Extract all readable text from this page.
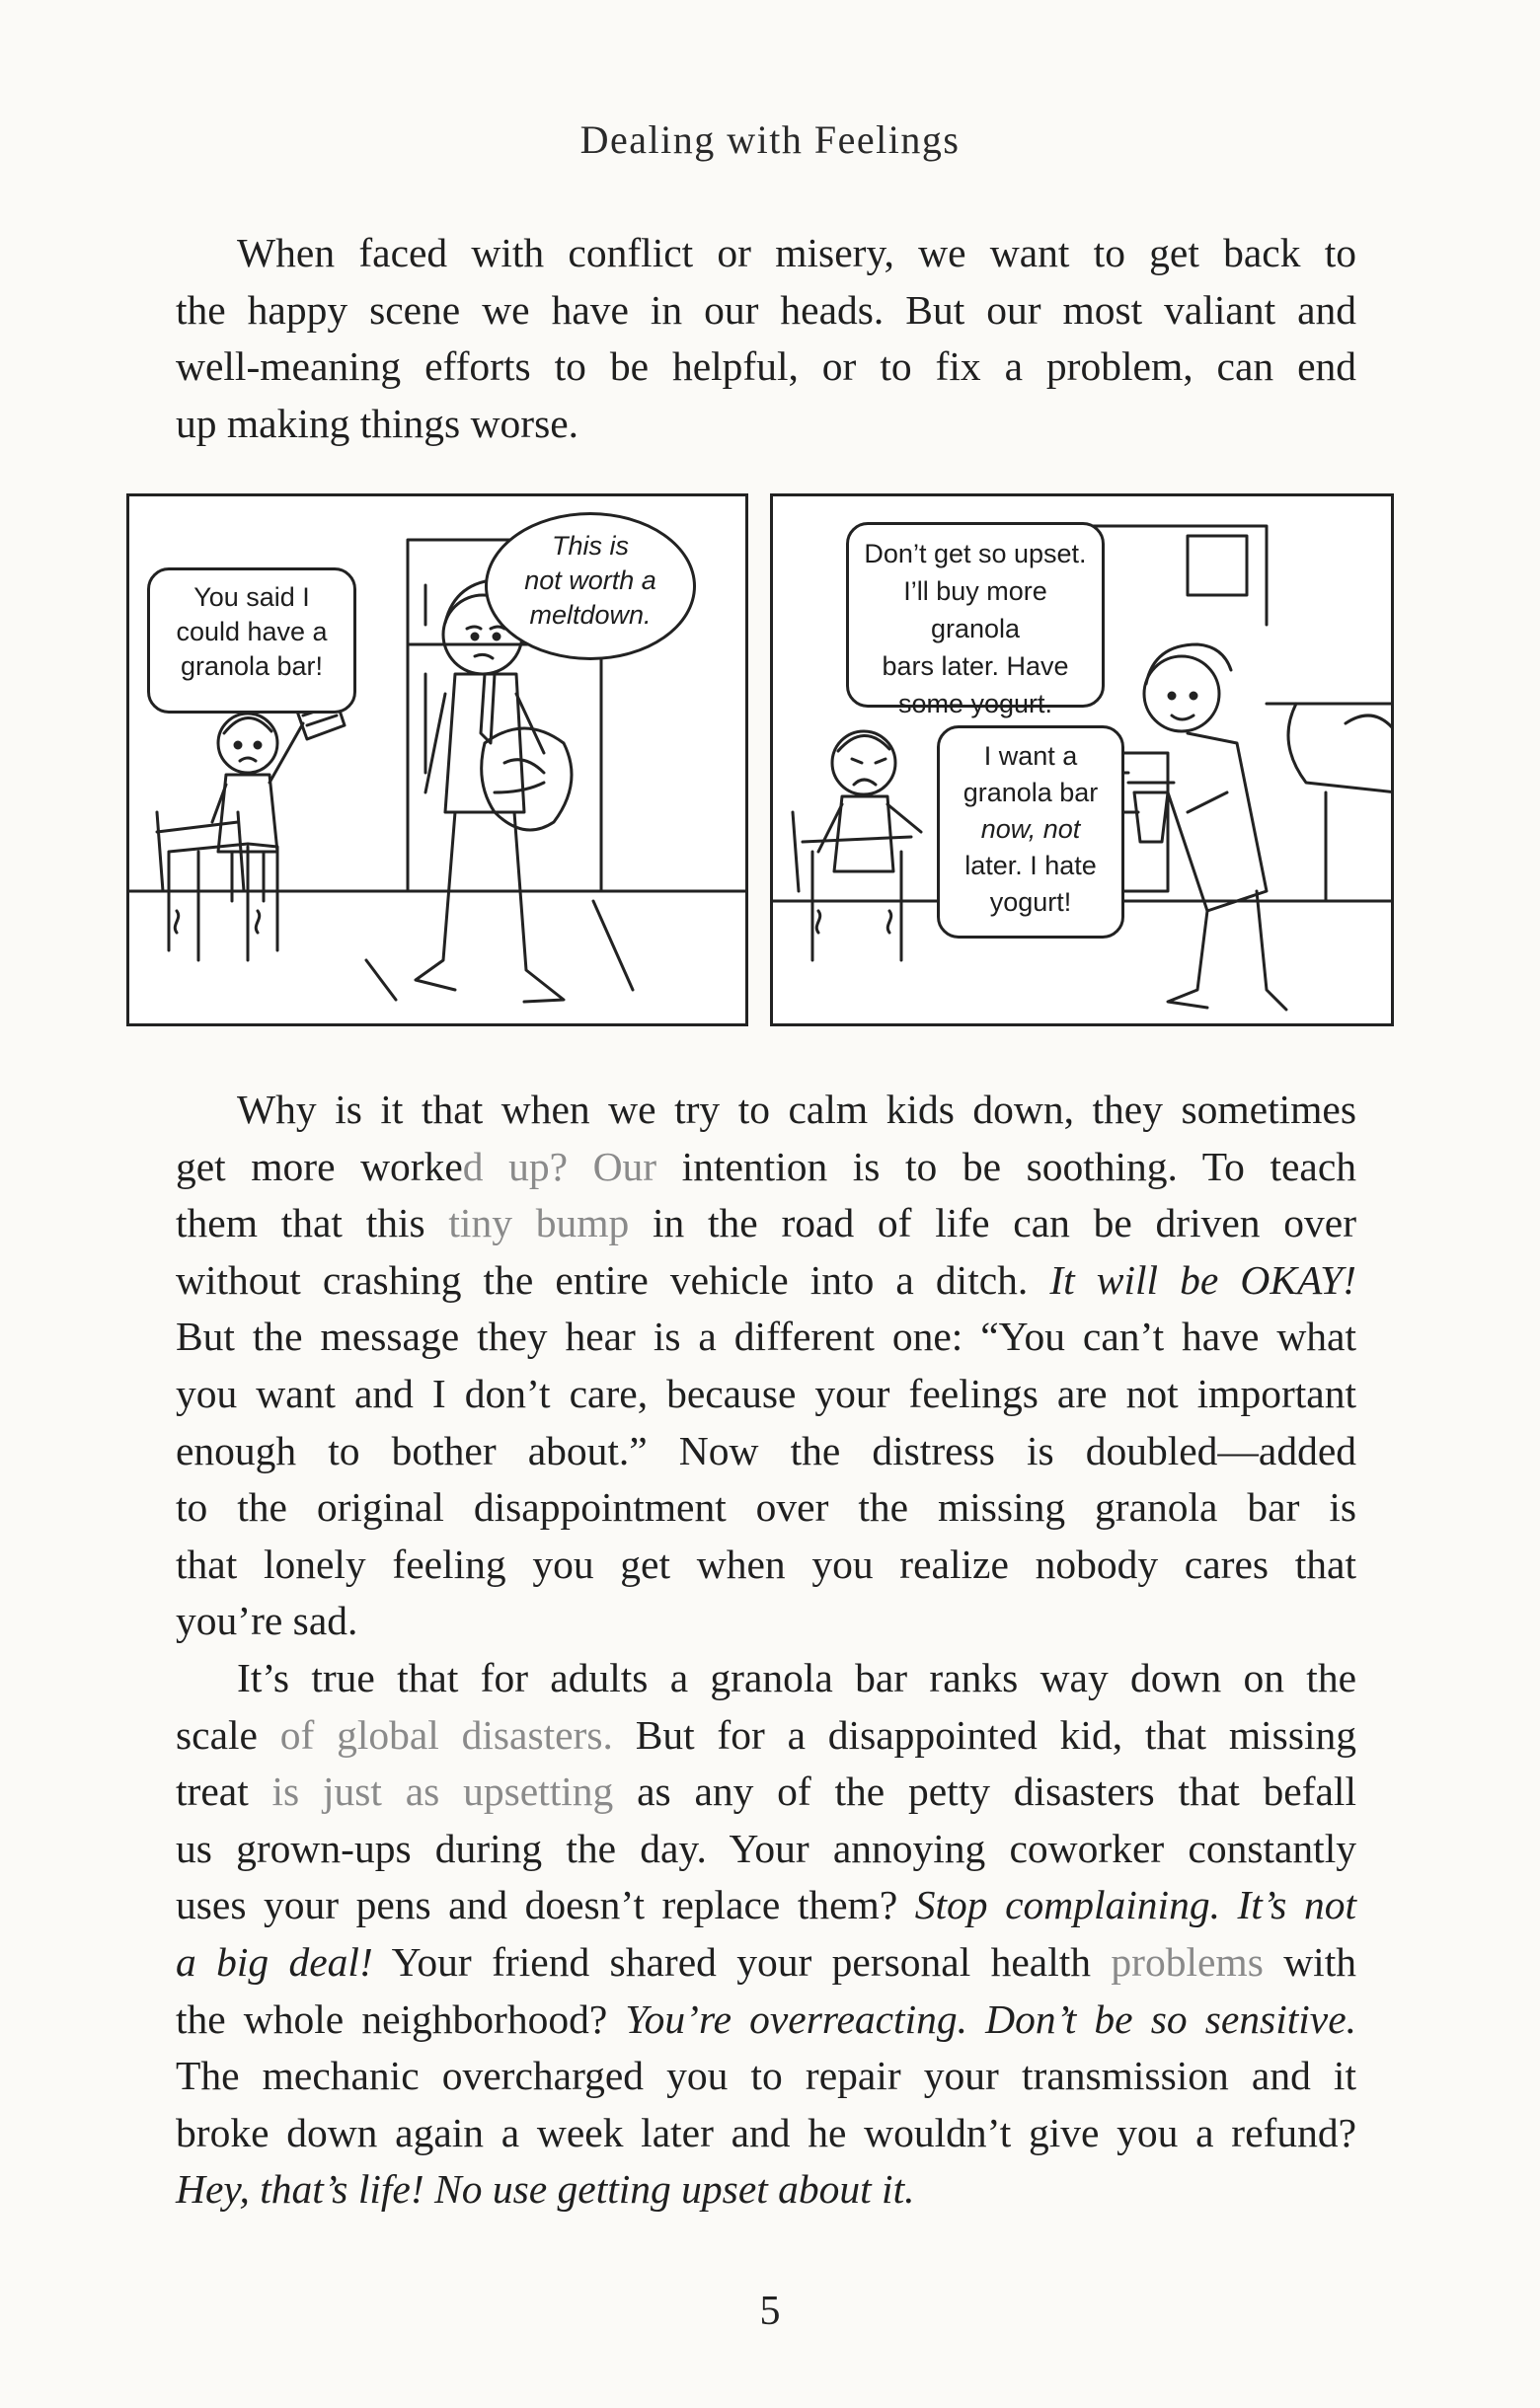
Dealing with Feelings

When faced with conflict or misery, we want to get back to
the happy scene we have in our heads. But our most valiant and
well-meaning efforts to be helpful, or to fix a problem, can end
up making things worse.

You said I
could have a
granola bar!
This is
not worth a
meltdown.
Don’t get so upset.
I’ll buy more granola
bars later. Have
some yogurt.
I want a
granola bar
now, not
later. I hate
yogurt!

Why is it that when we try to calm kids down, they sometimes
get more worked up? Our intention is to be soothing. To teach
them that this tiny bump in the road of life can be driven over
without crashing the entire vehicle into a ditch. It will be OKAY!
But the message they hear is a different one: “You can’t have what
you want and I don’t care, because your feelings are not important
enough to bother about.” Now the distress is doubled—added
to the original disappointment over the missing granola bar is
that lonely feeling you get when you realize nobody cares that
you’re sad.

It’s true that for adults a granola bar ranks way down on the
scale of global disasters. But for a disappointed kid, that missing
treat is just as upsetting as any of the petty disasters that befall
us grown-ups during the day. Your annoying coworker constantly
uses your pens and doesn’t replace them? Stop complaining. It’s not
a big deal! Your friend shared your personal health problems with
the whole neighborhood? You’re overreacting. Don’t be so sensitive.
The mechanic overcharged you to repair your transmission and it
broke down again a week later and he wouldn’t give you a refund?
Hey, that’s life! No use getting upset about it.

5
